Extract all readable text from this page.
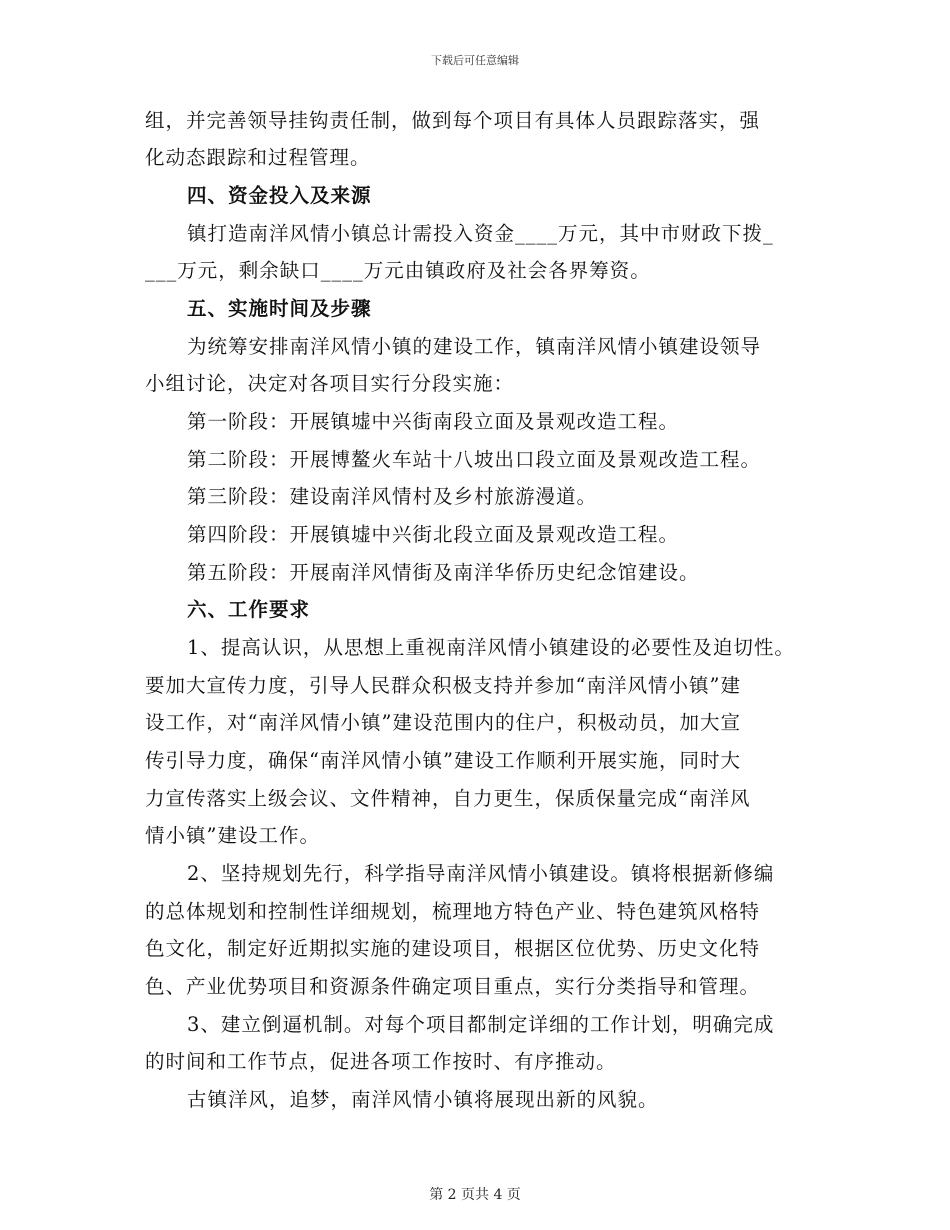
下载后可任意编辑
组，并完善领导挂钩责任制，做到每个项目有具体人员跟踪落实，强
化动态跟踪和过程管理。
四、资金投入及来源
镇打造南洋风情小镇总计需投入资金____万元，其中市财政下拨_
___万元，剩余缺口____万元由镇政府及社会各界筹资。
五、实施时间及步骤
为统筹安排南洋风情小镇的建设工作，镇南洋风情小镇建设领导
小组讨论，决定对各项目实行分段实施：
第一阶段：开展镇墟中兴街南段立面及景观改造工程。
第二阶段：开展博鳌火车站十八坡出口段立面及景观改造工程。
第三阶段：建设南洋风情村及乡村旅游漫道。
第四阶段：开展镇墟中兴街北段立面及景观改造工程。
第五阶段：开展南洋风情街及南洋华侨历史纪念馆建设。
六、工作要求
1、提高认识，从思想上重视南洋风情小镇建设的必要性及迫切性。
要加大宣传力度，引导人民群众积极支持并参加“南洋风情小镇”建
设工作，对“南洋风情小镇”建设范围内的住户，积极动员，加大宣
传引导力度，确保“南洋风情小镇”建设工作顺利开展实施，同时大
力宣传落实上级会议、文件精神，自力更生，保质保量完成“南洋风
情小镇”建设工作。
2、坚持规划先行，科学指导南洋风情小镇建设。镇将根据新修编
的总体规划和控制性详细规划，梳理地方特色产业、特色建筑风格特
色文化，制定好近期拟实施的建设项目，根据区位优势、历史文化特
色、产业优势项目和资源条件确定项目重点，实行分类指导和管理。
3、建立倒逼机制。对每个项目都制定详细的工作计划，明确完成
的时间和工作节点，促进各项工作按时、有序推动。
古镇洋风，追梦，南洋风情小镇将展现出新的风貌。
第 2 页共 4 页
